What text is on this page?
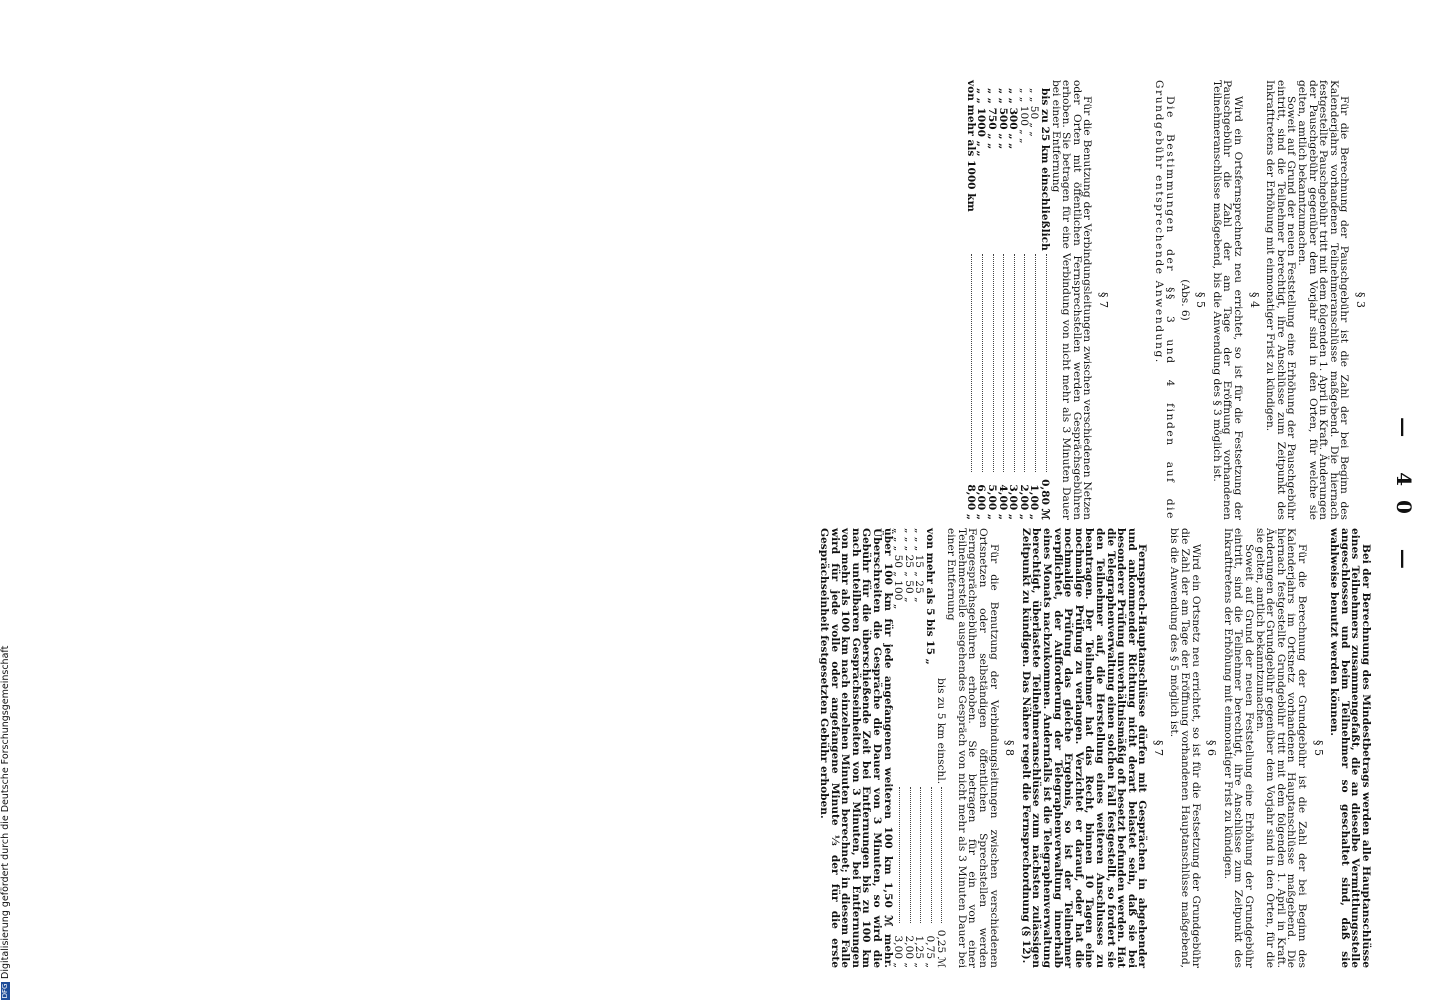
— 40 —
§ 3

Für die Berechnung der Pauschgebühr ist die Zahl der bei Beginn des Kalenderjahrs vorhandenen Teilnehmeranschlüsse maßgebend. Die hiernach festgestellte Pauschgebühr tritt mit dem folgenden 1. April in Kraft. Änderungen der Pauschgebühr gegenüber dem Vorjahr sind in den Orten, für welche sie gelten, amtlich bekanntzumachen.

Soweit auf Grund der neuen Feststellung eine Erhöhung der Pauschgebühr eintritt, sind die Teilnehmer berechtigt, ihre Anschlüsse zum Zeitpunkt des Inkrafttretens der Erhöhung mit einmonatiger Frist zu kündigen.

§ 4

Wird ein Ortsfernsprechnetz neu errichtet, so ist für die Festsetzung der Pauschgebühr die Zahl der am Tage der Eröffnung vorhandenen Teilnehmeranschlüsse maßgebend, bis die Anwendung des § 3 möglich ist.

§ 5
(Abs. 6)

Die Bestimmungen der §§ 3 und 4 finden auf die Grundgebühr entsprechende Anwendung.

§ 7

Für die Benutzung der Verbindungsleitungen zwischen verschiedenen Netzen oder Orten mit öffentlichen Fernsprechstellen werden Gesprächsgebühren erhoben. Sie betragen für eine Verbindung von nicht mehr als 3 Minuten Dauer bei einer Entfernung

bis zu 25 km einschließlich		0,80 ℳ
„ „ 50 „ „		1,00 „
„ „ 100 „ „		2,00 „
„ „ 300 „ „		3,00 „
„ „ 500 „ „		4,00 „
„ „ 750 „ „		5,00 „
„ „ 1000 „ „		6,00 „
von mehr als 1000 km		8,00 „

Bei der Berechnung des Mindestbetrags werden alle Hauptanschlüsse eines Teilnehmers zusammengefaßt, die an dieselbe Vermittlungsstelle angeschlossen und beim Teilnehmer so geschaltet sind, daß sie wahlweise benutzt werden können.

§ 5

Für die Berechnung der Grundgebühr ist die Zahl der bei Beginn des Kalenderjahrs im Ortsnetz vorhandenen Hauptanschlüsse maßgebend. Die hiernach festgestellte Grundgebühr tritt mit dem folgenden 1. April in Kraft. Änderungen der Grundgebühr gegenüber dem Vorjahr sind in den Orten, für die sie gelten, amtlich bekanntzumachen.

Soweit auf Grund der neuen Feststellung eine Erhöhung der Grundgebühr eintritt, sind die Teilnehmer berechtigt, ihre Anschlüsse zum Zeitpunkt des Inkrafttretens der Erhöhung mit einmonatiger Frist zu kündigen.

§ 6

Wird ein Ortsnetz neu errichtet, so ist für die Festsetzung der Grundgebühr die Zahl der am Tage der Eröffnung vorhandenen Hauptanschlüsse maßgebend, bis die Anwendung des § 5 möglich ist.

§ 7

Fernsprech-Hauptanschlüsse dürfen mit Gesprächen in abgehender und ankommender Richtung nicht derart belastet sein, daß sie bei besonderer Prüfung unverhältnismäßig oft besetzt befunden werden. Hat die Telegraphenverwaltung einen solchen Fall festgestellt, so fordert sie den Teilnehmer auf, die Herstellung eines weiteren Anschlusses zu beantragen. Der Teilnehmer hat das Recht, binnen 10 Tagen eine nochmalige Prüfung zu verlangen. Verzichtet er darauf, oder hat die nochmalige Prüfung das gleiche Ergebnis, so ist der Teilnehmer verpflichtet, der Aufforderung der Telegraphenverwaltung innerhalb eines Monats nachzukommen. Andernfalls ist die Telegraphenverwaltung berechtigt, überlastete Teilnehmeranschlüsse zum nächsten zulässigen Zeitpunkt zu kündigen. Das Nähere regelt die Fernsprechordnung (§ 12).

§ 8

Für die Benutzung der Verbindungsleitungen zwischen verschiedenen Ortsnetzen oder selbständigen öffentlichen Sprechstellen werden Ferngesprächsgebühren erhoben. Sie betragen für ein von einer Teilnehmerstelle ausgehendes Gespräch von nicht mehr als 3 Minuten Dauer bei einer Entfernung

bis zu 5 km einschl.		0,25 ℳ
von mehr als 5 bis 15 „		0,75 „
„ „ „ 15 „ 25 „		1,25 „
„ „ „ 25 „ 50 „		2,00 „
„ „ „ 50 „ 100 „		3,00 „

über 100 km für jede angefangenen weiteren 100 km 1,50 ℳ mehr. Überschreiten die Gespräche die Dauer von 3 Minuten, so wird die Gebühr für die überschießende Zeit bei Entfernungen bis zu 100 km nach unteilbaren Gesprächseinheiten von 3 Minuten, bei Entfernungen von mehr als 100 km nach einzelnen Minuten berechnet; in diesem Falle wird für jede volle oder angefangene Minute ⅓ der für die erste Gesprächseinheit festgesetzten Gebühr erhoben.

DFGDigitalisierung gefördert durch die Deutsche Forschungsgemeinschaft
